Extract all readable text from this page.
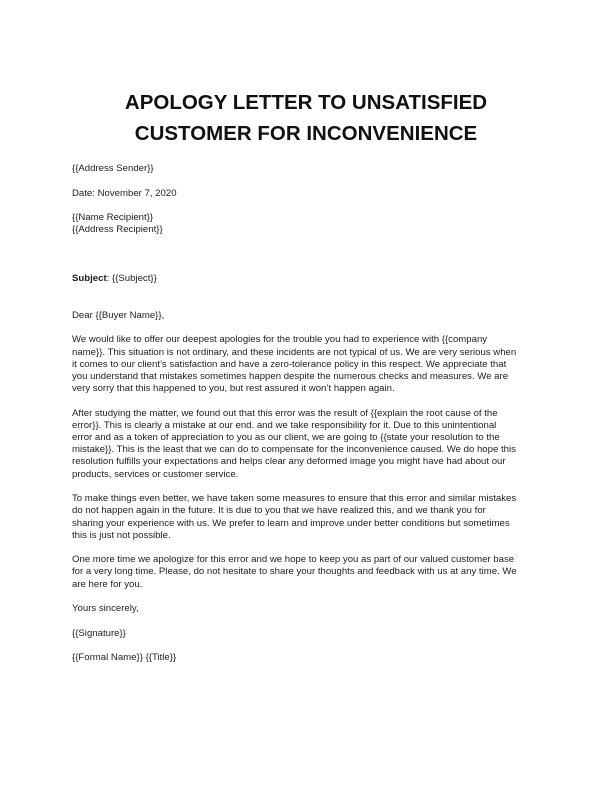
APOLOGY LETTER TO UNSATISFIED
CUSTOMER FOR INCONVENIENCE

{{Address Sender}}

Date: November 7, 2020

{{Name Recipient}}

{{Address Recipient}}

Subject: {{Subject}}

Dear {{Buyer Name}},

We would like to offer our deepest apologies for the trouble you had to experience with {{company
name}}. This situation is not ordinary, and these incidents are not typical of us. We are very serious when
it comes to our client’s satisfaction and have a zero-tolerance policy in this respect. We appreciate that
you understand that mistakes sometimes happen despite the numerous checks and measures. We are
very sorry that this happened to you, but rest assured it won’t happen again.
After studying the matter, we found out that this error was the result of {{explain the root cause of the
error}}. This is clearly a mistake at our end. and we take responsibility for it. Due to this unintentional
error and as a token of appreciation to you as our client, we are going to {{state your resolution to the
mistake}}. This is the least that we can do to compensate for the inconvenience caused. We do hope this
resolution fulfills your expectations and helps clear any deformed image you might have had about our
products, services or customer service.
To make things even better, we have taken some measures to ensure that this error and similar mistakes
do not happen again in the future. It is due to you that we have realized this, and we thank you for
sharing your experience with us. We prefer to learn and improve under better conditions but sometimes
this is just not possible.
One more time we apologize for this error and we hope to keep you as part of our valued customer base
for a very long time. Please, do not hesitate to share your thoughts and feedback with us at any time. We
are here for you.

Yours sincerely,

{{Signature}}

{{Formal Name}} {{Title}}
